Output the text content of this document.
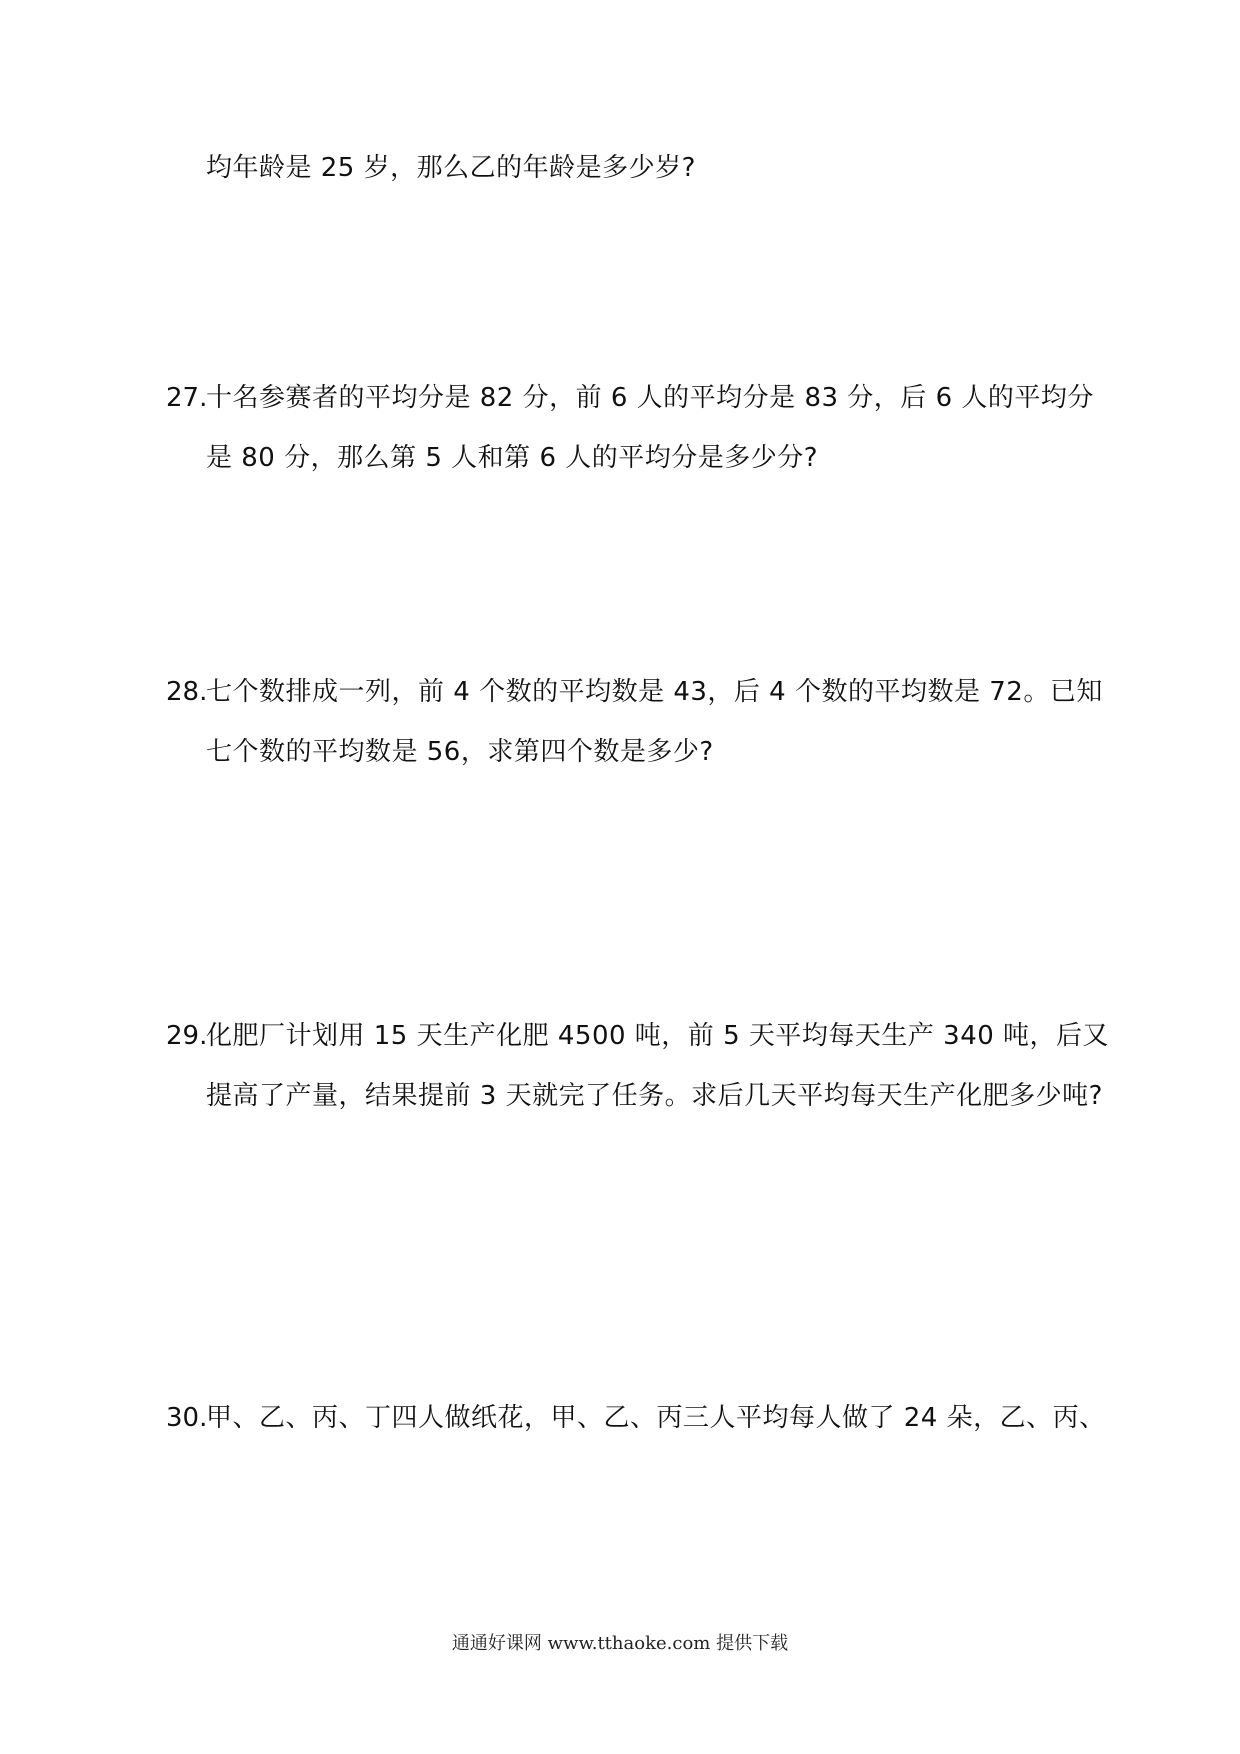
均年龄是 25 岁，那么乙的年龄是多少岁?
27.
十名参赛者的平均分是 82 分，前 6 人的平均分是 83 分，后 6 人的平均分
是 80 分，那么第 5 人和第 6 人的平均分是多少分?
28.
七个数排成一列，前 4 个数的平均数是 43，后 4 个数的平均数是 72。已知
七个数的平均数是 56，求第四个数是多少?
29.
化肥厂计划用 15 天生产化肥 4500 吨，前 5 天平均每天生产 340 吨，后又
提高了产量，结果提前 3 天就完了任务。求后几天平均每天生产化肥多少吨?
30.
甲、乙、丙、丁四人做纸花，甲、乙、丙三人平均每人做了 24 朵，乙、丙、
通通好课网 www.tthaoke.com 提供下载
